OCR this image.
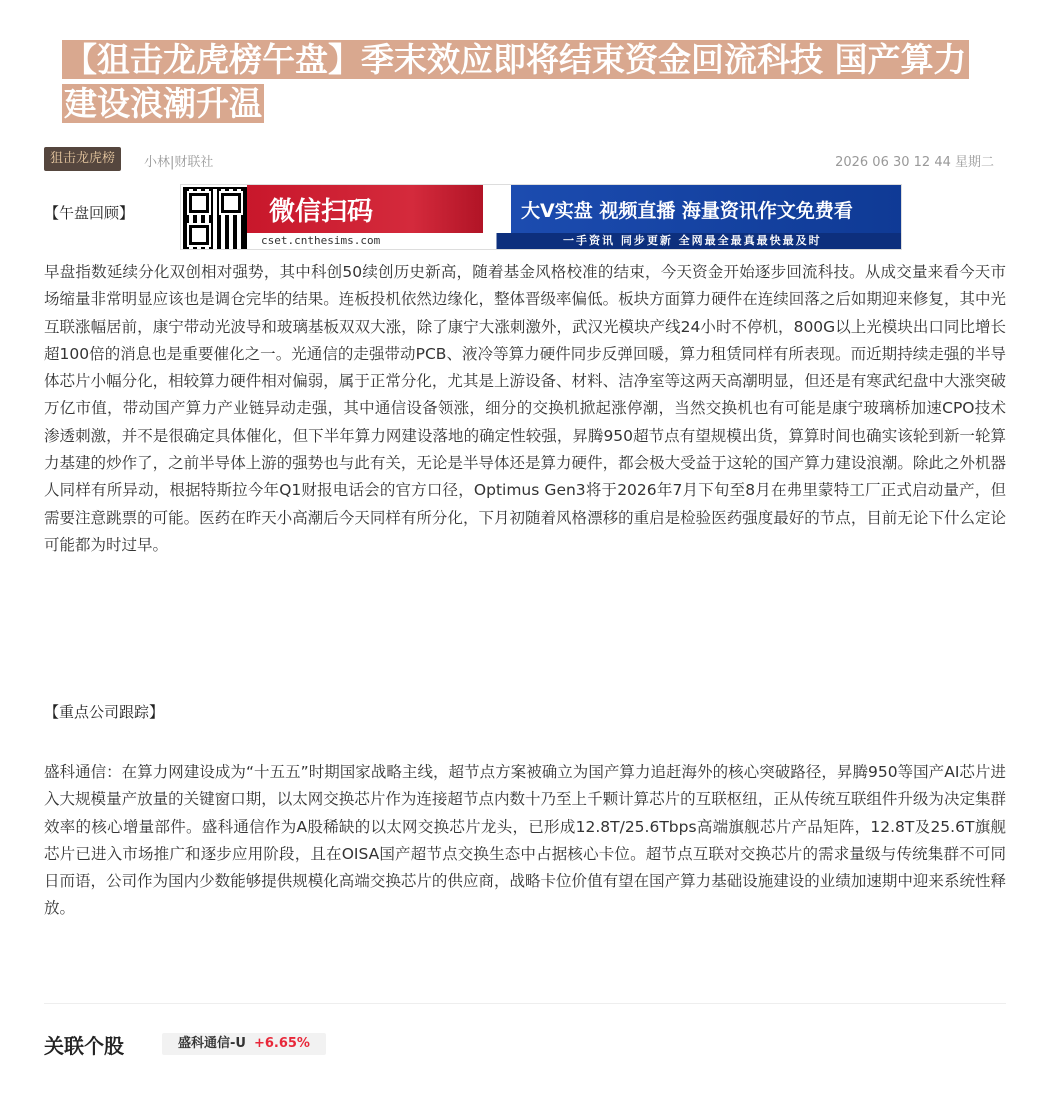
【狙击龙虎榜午盘】季末效应即将结束资金回流科技 国产算力建设浪潮升温
狙击龙虎榜	小林|财联社	2026 06 30 12 44 星期二
【午盘回顾】	微信扫码	大V实盘 视频直播 海量资讯作文免费看
cset.cnthesims.com	一手资讯 同步更新 全网最全最真最快最及时

早盘指数延续分化双创相对强势，其中科创50续创历史新高，随着基金风格校准的结束，今天资金开始逐步回流科技。从成交量来看今天市场缩量非常明显应该也是调仓完毕的结果。连板投机依然边缘化，整体晋级率偏低。板块方面算力硬件在连续回落之后如期迎来修复，其中光互联涨幅居前，康宁带动光波导和玻璃基板双双大涨，除了康宁大涨刺激外，武汉光模块产线24小时不停机，800G以上光模块出口同比增长超100倍的消息也是重要催化之一。光通信的走强带动PCB、液冷等算力硬件同步反弹回暖，算力租赁同样有所表现。而近期持续走强的半导体芯片小幅分化，相较算力硬件相对偏弱，属于正常分化，尤其是上游设备、材料、洁净室等这两天高潮明显，但还是有寒武纪盘中大涨突破万亿市值，带动国产算力产业链异动走强，其中通信设备领涨，细分的交换机掀起涨停潮，当然交换机也有可能是康宁玻璃桥加速CPO技术渗透刺激，并不是很确定具体催化，但下半年算力网建设落地的确定性较强，昇腾950超节点有望规模出货，算算时间也确实该轮到新一轮算力基建的炒作了，之前半导体上游的强势也与此有关，无论是半导体还是算力硬件，都会极大受益于这轮的国产算力建设浪潮。除此之外机器人同样有所异动，根据特斯拉今年Q1财报电话会的官方口径，Optimus Gen3将于2026年7月下旬至8月在弗里蒙特工厂正式启动量产，但需要注意跳票的可能。医药在昨天小高潮后今天同样有所分化，下月初随着风格漂移的重启是检验医药强度最好的节点，目前无论下什么定论可能都为时过早。

【重点公司跟踪】

盛科通信：在算力网建设成为“十五五”时期国家战略主线，超节点方案被确立为国产算力追赶海外的核心突破路径，昇腾950等国产AI芯片进入大规模量产放量的关键窗口期，以太网交换芯片作为连接超节点内数十乃至上千颗计算芯片的互联枢纽，正从传统互联组件升级为决定集群效率的核心增量部件。盛科通信作为A股稀缺的以太网交换芯片龙头，已形成12.8T/25.6Tbps高端旗舰芯片产品矩阵，12.8T及25.6T旗舰芯片已进入市场推广和逐步应用阶段，且在OISA国产超节点交换生态中占据核心卡位。超节点互联对交换芯片的需求量级与传统集群不可同日而语，公司作为国内少数能够提供规模化高端交换芯片的供应商，战略卡位价值有望在国产算力基础设施建设的业绩加速期中迎来系统性释放。

关联个股	盛科通信-U +6.65%
